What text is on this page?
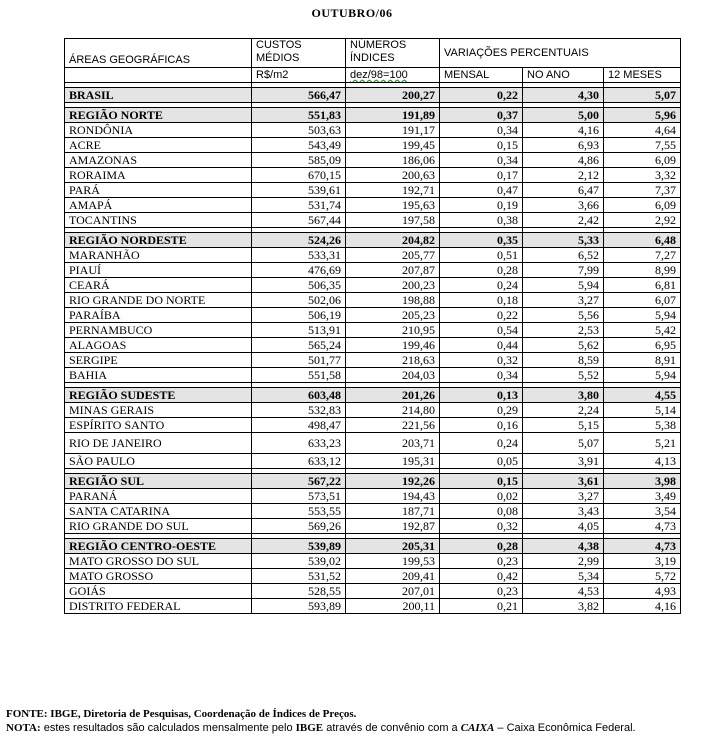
OUTUBRO/06
ÁREAS GEOGRÁFICAS	CUSTOS MÉDIOS	NÚMEROS ÍNDICES	VARIAÇÕES PERCENTUAIS		
	R$/m2	dez/98=100	MENSAL	NO ANO	12 MESES

BRASIL	566,47	200,27	0,22	4,30	5,07

REGIÃO NORTE	551,83	191,89	0,37	5,00	5,96
RONDÔNIA	503,63	191,17	0,34	4,16	4,64
ACRE	543,49	199,45	0,15	6,93	7,55
AMAZONAS	585,09	186,06	0,34	4,86	6,09
RORAIMA	670,15	200,63	0,17	2,12	3,32
PARÁ	539,61	192,71	0,47	6,47	7,37
AMAPÁ	531,74	195,63	0,19	3,66	6,09
TOCANTINS	567,44	197,58	0,38	2,42	2,92

REGIÃO NORDESTE	524,26	204,82	0,35	5,33	6,48
MARANHÃO	533,31	205,77	0,51	6,52	7,27
PIAUÍ	476,69	207,87	0,28	7,99	8,99
CEARÁ	506,35	200,23	0,24	5,94	6,81
RIO GRANDE DO NORTE	502,06	198,88	0,18	3,27	6,07
PARAÍBA	506,19	205,23	0,22	5,56	5,94
PERNAMBUCO	513,91	210,95	0,54	2,53	5,42
ALAGOAS	565,24	199,46	0,44	5,62	6,95
SERGIPE	501,77	218,63	0,32	8,59	8,91
BAHIA	551,58	204,03	0,34	5,52	5,94

REGIÃO SUDESTE	603,48	201,26	0,13	3,80	4,55
MINAS GERAIS	532,83	214,80	0,29	2,24	5,14
ESPÍRITO SANTO	498,47	221,56	0,16	5,15	5,38
RIO DE JANEIRO	633,23	203,71	0,24	5,07	5,21
SÃO PAULO	633,12	195,31	0,05	3,91	4,13

REGIÃO SUL	567,22	192,26	0,15	3,61	3,98
PARANÁ	573,51	194,43	0,02	3,27	3,49
SANTA CATARINA	553,55	187,71	0,08	3,43	3,54
RIO GRANDE DO SUL	569,26	192,87	0,32	4,05	4,73

REGIÃO CENTRO-OESTE	539,89	205,31	0,28	4,38	4,73
MATO GROSSO DO SUL	539,02	199,53	0,23	2,99	3,19
MATO GROSSO	531,52	209,41	0,42	5,34	5,72
GOIÁS	528,55	207,01	0,23	4,53	4,93
DISTRITO FEDERAL	593,89	200,11	0,21	3,82	4,16
FONTE: IBGE, Diretoria de Pesquisas, Coordenação de Índices de Preços.
NOTA: estes resultados são calculados mensalmente pelo IBGE através de convênio com a CAIXA – Caixa Econômica Federal.
